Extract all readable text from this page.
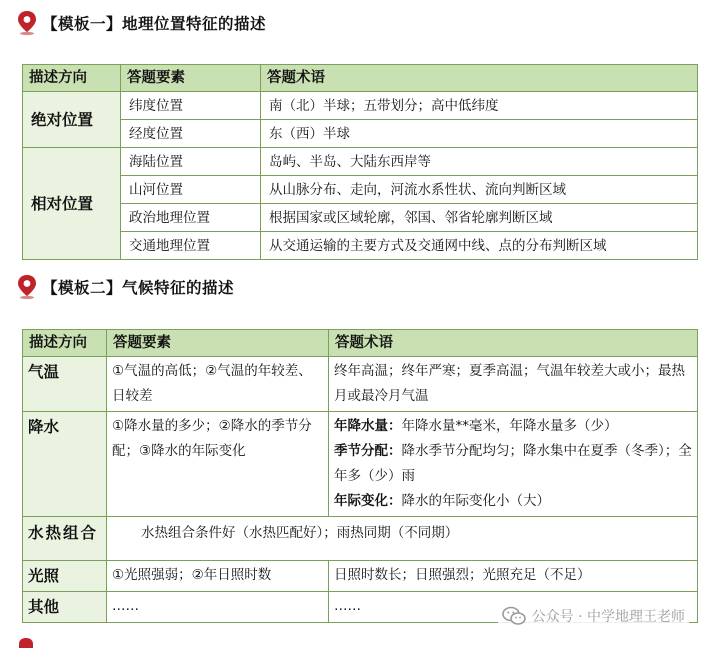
【模板一】地理位置特征的描述
描述方向	答题要素	答题术语
绝对位置	纬度位置	南（北）半球；五带划分；高中低纬度
	经度位置	东（西）半球
相对位置	海陆位置	岛屿、半岛、大陆东西岸等
	山河位置	从山脉分布、走向，河流水系性状、流向判断区域
	政治地理位置	根据国家或区域轮廓，邻国、邻省轮廓判断区域
	交通地理位置	从交通运输的主要方式及交通网中线、点的分布判断区域
【模板二】气候特征的描述
描述方向	答题要素	答题术语
气温	①气温的高低；②气温的年较差、日较差	终年高温；终年严寒；夏季高温；气温年较差大或小；最热月或最冷月气温
降水	①降水量的多少；②降水的季节分配；③降水的年际变化	年降水量：年降水量**毫米，年降水量多（少）
季节分配：降水季节分配均匀；降水集中在夏季（冬季）；全年多（少）雨
年际变化：降水的年际变化小（大）

水热组合	水热组合条件好（水热匹配好）；雨热同期（不同期）	
光照	①光照强弱；②年日照时数	日照时数长；日照强烈；光照充足（不足）
其他	……	……
公众号 · 中学地理王老师
